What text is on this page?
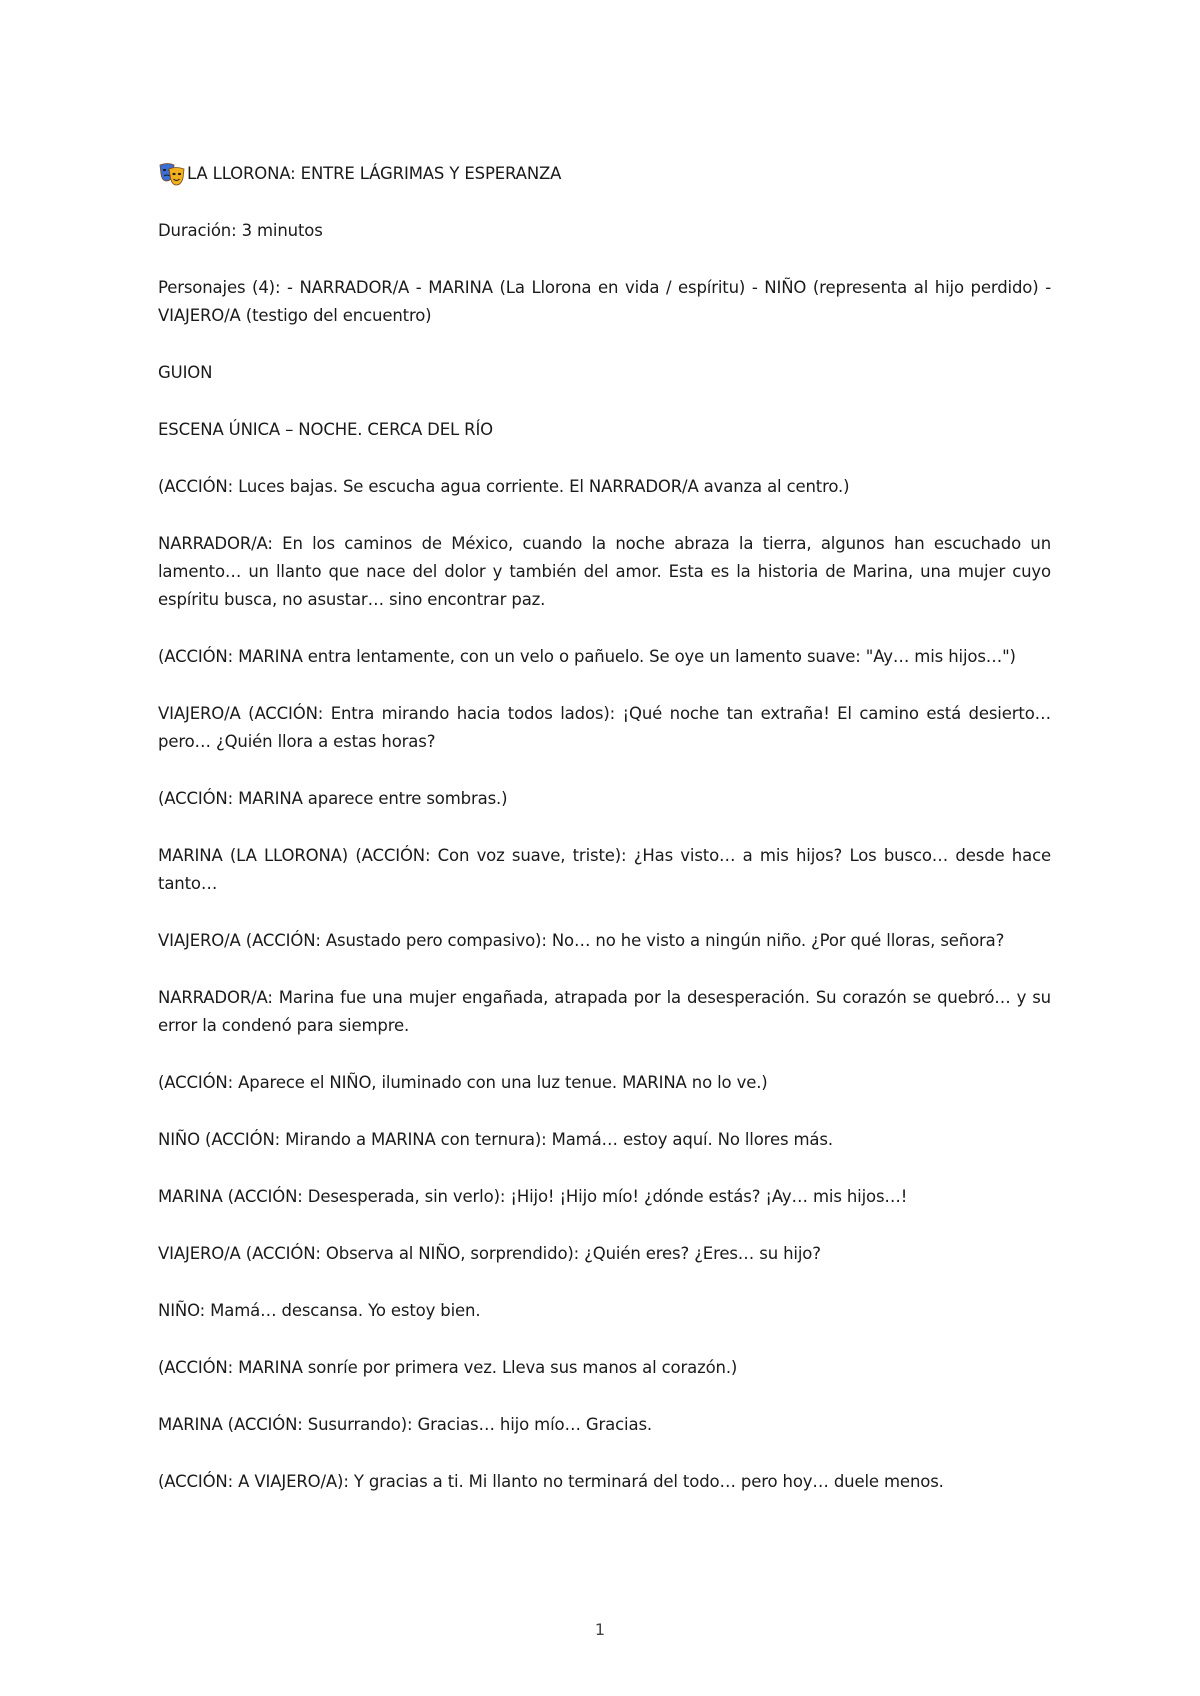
LA LLORONA: ENTRE LÁGRIMAS Y ESPERANZA

Duración: 3 minutos

Personajes (4): - NARRADOR/A - MARINA (La Llorona en vida / espíritu) - NIÑO (representa al hijo perdido) - VIAJERO/A (testigo del encuentro)

GUION

ESCENA ÚNICA – NOCHE. CERCA DEL RÍO

(ACCIÓN: Luces bajas. Se escucha agua corriente. El NARRADOR/A avanza al centro.)

NARRADOR/A: En los caminos de México, cuando la noche abraza la tierra, algunos han escuchado un lamento… un llanto que nace del dolor y también del amor. Esta es la historia de Marina, una mujer cuyo espíritu busca, no asustar… sino encontrar paz.

(ACCIÓN: MARINA entra lentamente, con un velo o pañuelo. Se oye un lamento suave: "Ay… mis hijos…")

VIAJERO/A (ACCIÓN: Entra mirando hacia todos lados): ¡Qué noche tan extraña! El camino está desierto… pero… ¿Quién llora a estas horas?

(ACCIÓN: MARINA aparece entre sombras.)

MARINA (LA LLORONA) (ACCIÓN: Con voz suave, triste): ¿Has visto… a mis hijos? Los busco… desde hace tanto…

VIAJERO/A (ACCIÓN: Asustado pero compasivo): No… no he visto a ningún niño. ¿Por qué lloras, señora?

NARRADOR/A: Marina fue una mujer engañada, atrapada por la desesperación. Su corazón se quebró… y su error la condenó para siempre.

(ACCIÓN: Aparece el NIÑO, iluminado con una luz tenue. MARINA no lo ve.)

NIÑO (ACCIÓN: Mirando a MARINA con ternura): Mamá… estoy aquí. No llores más.

MARINA (ACCIÓN: Desesperada, sin verlo): ¡Hijo! ¡Hijo mío! ¿dónde estás? ¡Ay… mis hijos…!

VIAJERO/A (ACCIÓN: Observa al NIÑO, sorprendido): ¿Quién eres? ¿Eres… su hijo?

NIÑO: Mamá… descansa. Yo estoy bien.

(ACCIÓN: MARINA sonríe por primera vez. Lleva sus manos al corazón.)

MARINA (ACCIÓN: Susurrando): Gracias… hijo mío… Gracias.

(ACCIÓN: A VIAJERO/A): Y gracias a ti. Mi llanto no terminará del todo… pero hoy… duele menos.

1
